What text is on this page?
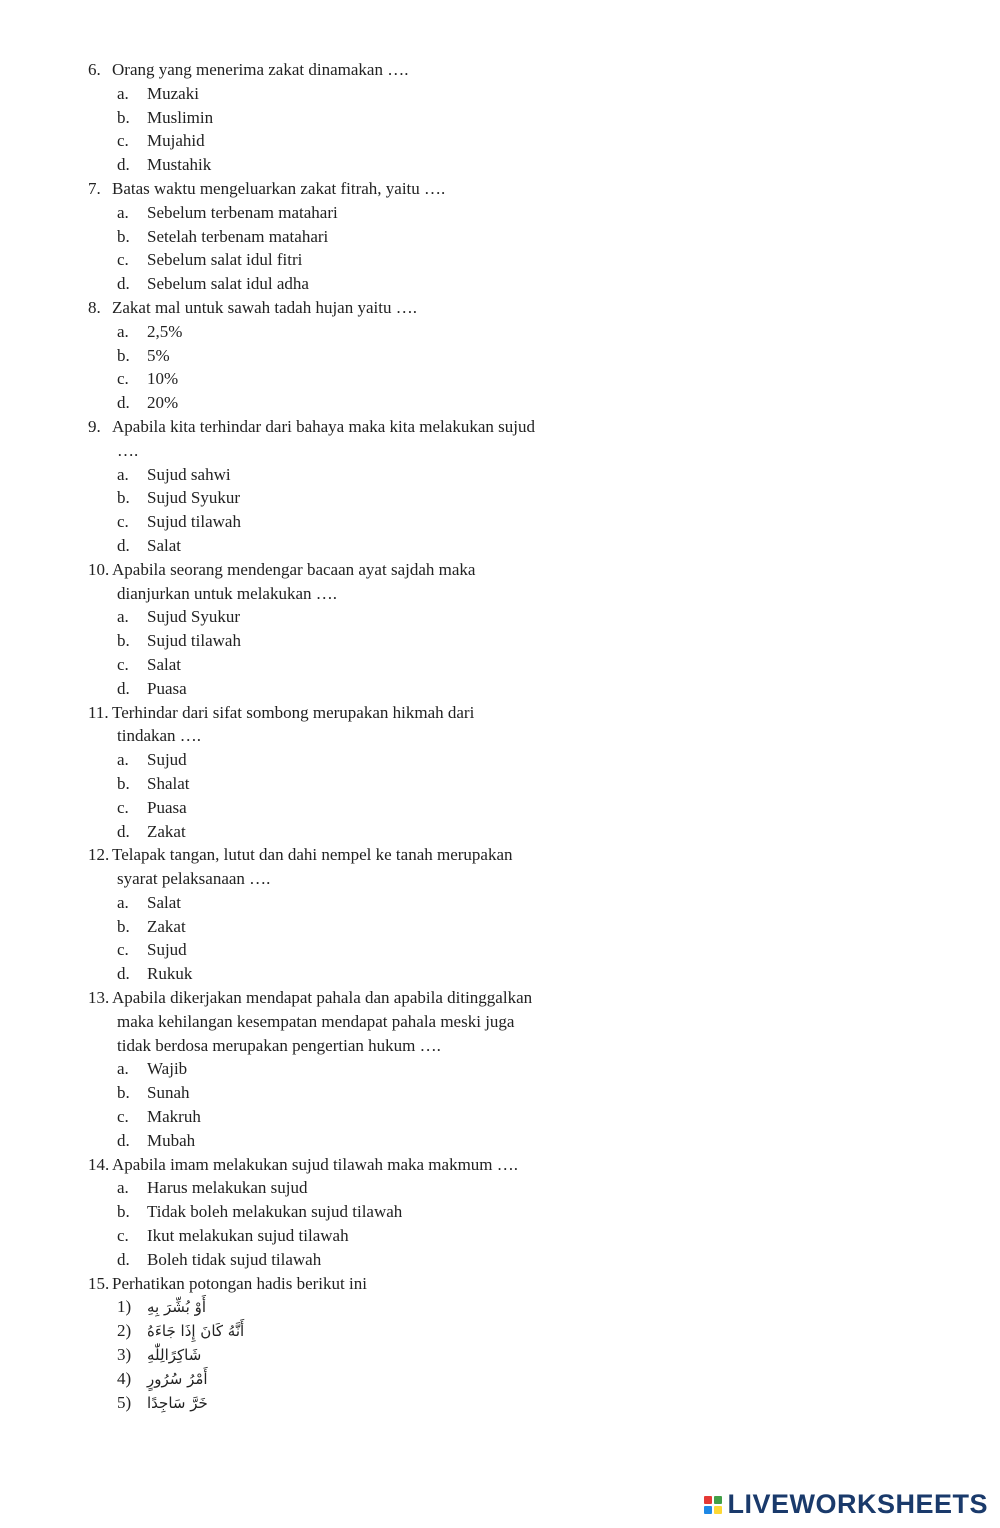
6. Orang yang menerima zakat dinamakan ….
a.	Muzaki
b.	Muslimin
c.	Mujahid
d.	Mustahik
7. Batas waktu mengeluarkan zakat fitrah, yaitu ….
a.	Sebelum terbenam matahari
b.	Setelah terbenam matahari
c.	Sebelum salat idul fitri
d.	Sebelum salat idul adha
8. Zakat mal untuk sawah tadah hujan yaitu ….
a.	2,5%
b.	5%
c.	10%
d.	20%
9. Apabila kita terhindar dari bahaya maka kita melakukan sujud
….
a.	Sujud sahwi
b.	Sujud Syukur
c.	Sujud tilawah
d.	Salat
10. Apabila seorang mendengar bacaan ayat sajdah maka
dianjurkan untuk melakukan ….
a.	Sujud Syukur
b.	Sujud tilawah
c.	Salat
d.	Puasa
11. Terhindar dari sifat sombong merupakan hikmah dari
tindakan ….
a.	Sujud
b.	Shalat
c.	Puasa
d.	Zakat
12. Telapak tangan, lutut dan dahi nempel ke tanah merupakan
syarat pelaksanaan ….
a.	Salat
b.	Zakat
c.	Sujud
d.	Rukuk
13. Apabila dikerjakan mendapat pahala dan apabila ditinggalkan
maka kehilangan kesempatan mendapat pahala meski juga
tidak berdosa merupakan pengertian hukum ….
a.	Wajib
b.	Sunah
c.	Makruh
d.	Mubah
14. Apabila imam melakukan sujud tilawah maka makmum ….
a.	Harus melakukan sujud
b.	Tidak boleh melakukan sujud tilawah
c.	Ikut melakukan sujud tilawah
d.	Boleh tidak sujud tilawah
15. Perhatikan potongan hadis berikut ini
1)	أَوْ بُشِّرَ بِهِ
2)	أَنَّهُ كَانَ إِذَا جَاءَهُ
3)	شَاكِرًالِلّٰهِ
4)	أَمْرُ سُرُورٍ
5)	خَرَّ سَاجِدًا
LIVEWORKSHEETS
